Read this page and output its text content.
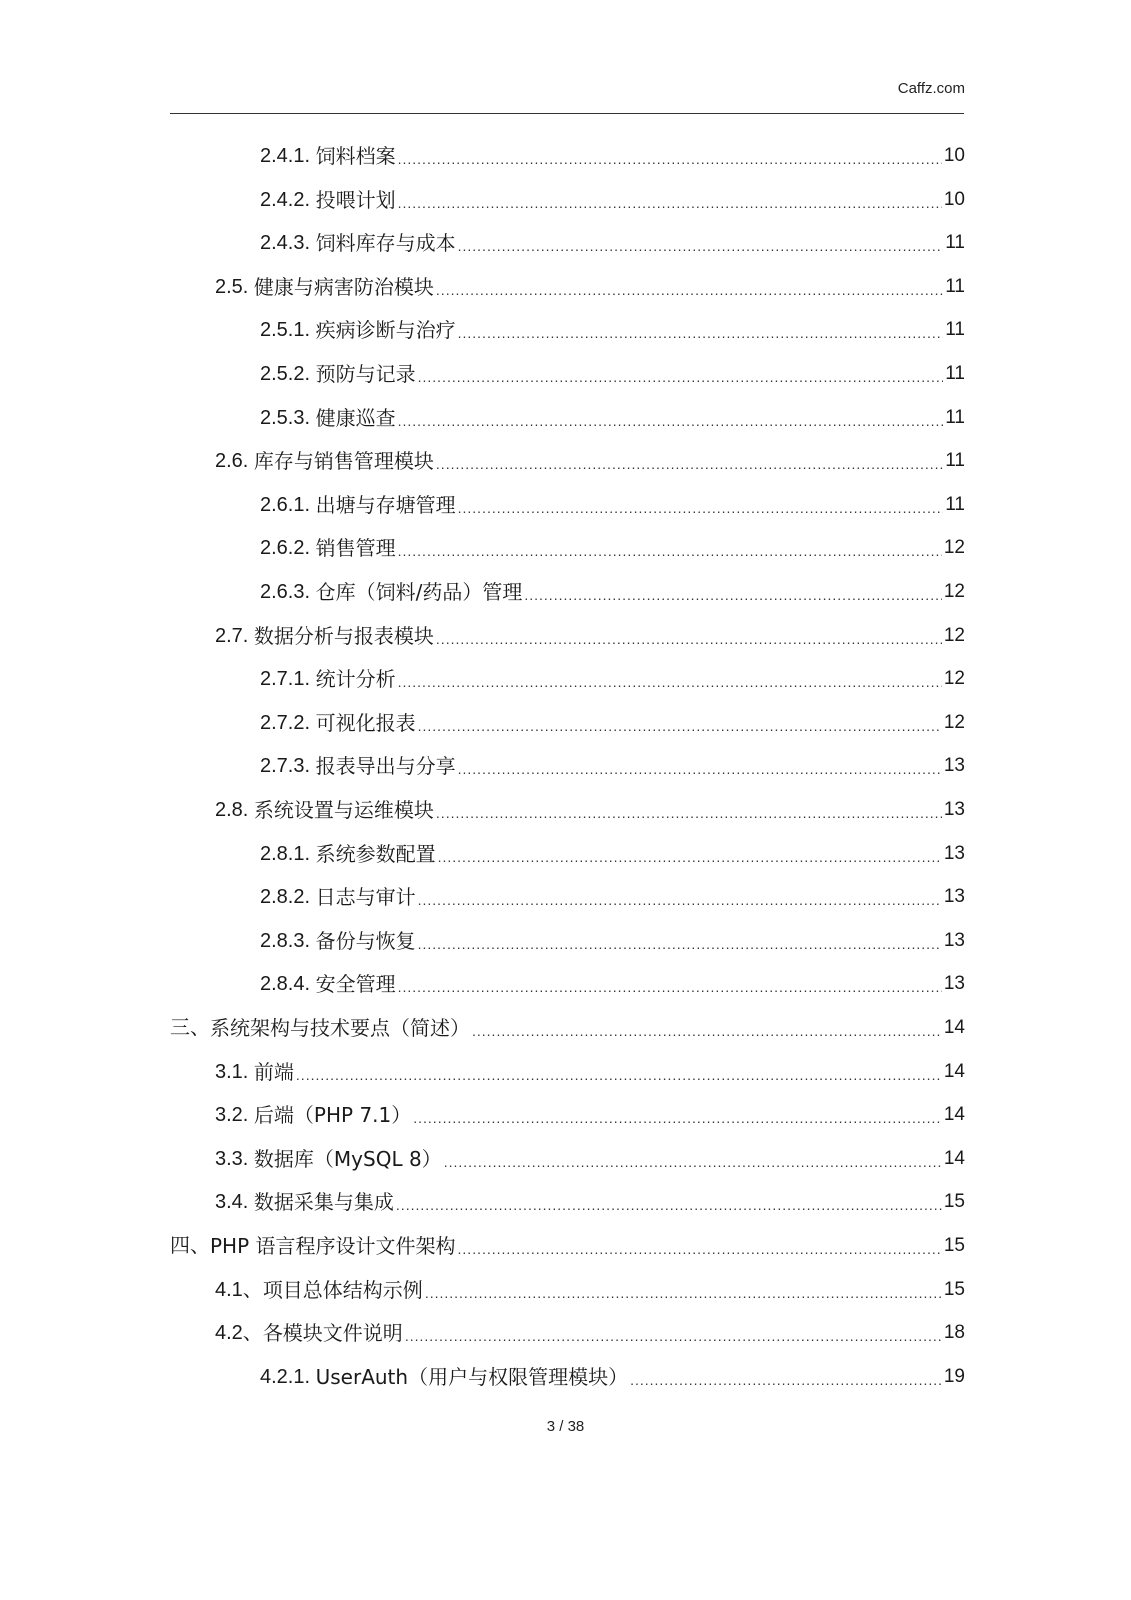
Caffz.com
2.4.1. 饲料档案 .....	10
2.4.2. 投喂计划 .....	10
2.4.3. 饲料库存与成本 .....	11
2.5. 健康与病害防治模块 .....	11
2.5.1. 疾病诊断与治疗 .....	11
2.5.2. 预防与记录 .....	11
2.5.3. 健康巡查 .....	11
2.6. 库存与销售管理模块 .....	11
2.6.1. 出塘与存塘管理 .....	11
2.6.2. 销售管理 .....	12
2.6.3. 仓库（饲料/药品）管理 .....	12
2.7. 数据分析与报表模块 .....	12
2.7.1. 统计分析 .....	12
2.7.2. 可视化报表 .....	12
2.7.3. 报表导出与分享 .....	13
2.8. 系统设置与运维模块 .....	13
2.8.1. 系统参数配置 .....	13
2.8.2. 日志与审计 .....	13
2.8.3. 备份与恢复 .....	13
2.8.4. 安全管理 .....	13
三、 系统架构与技术要点（简述） .....	14
3.1. 前端 .....	14
3.2. 后端（PHP 7.1） .....	14
3.3. 数据库（MySQL 8） .....	14
3.4. 数据采集与集成 .....	15
四、 PHP 语言程序设计文件架构 .....	15
4.1、 项目总体结构示例 .....	15
4.2、 各模块文件说明 .....	18
4.2.1. UserAuth（用户与权限管理模块） .....	19
3 / 38
